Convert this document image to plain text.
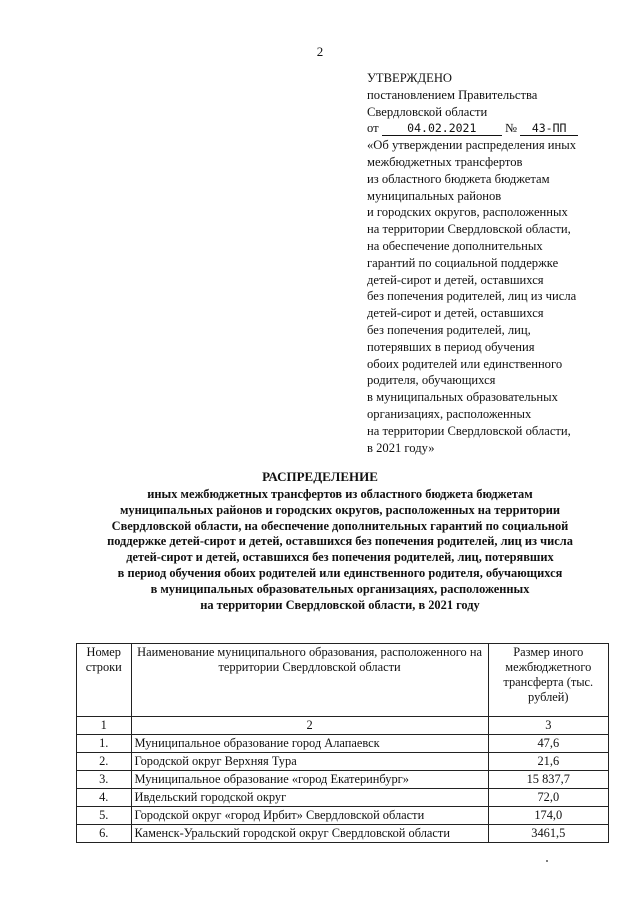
2
УТВЕРЖДЕНО
постановлением Правительства
Свердловской области
от 04.02.2021 № 43-ПП
«Об утверждении распределения иных
межбюджетных трансфертов
из областного бюджета бюджетам
муниципальных районов
и городских округов, расположенных
на территории Свердловской области,
на обеспечение дополнительных
гарантий по социальной поддержке
детей-сирот и детей, оставшихся
без попечения родителей, лиц из числа
детей-сирот и детей, оставшихся
без попечения родителей, лиц,
потерявших в период обучения
обоих родителей или единственного
родителя, обучающихся
в муниципальных образовательных
организациях, расположенных
на территории Свердловской области,
в 2021 году»
РАСПРЕДЕЛЕНИЕ
иных межбюджетных трансфертов из областного бюджета бюджетам
муниципальных районов и городских округов, расположенных на территории
Свердловской области, на обеспечение дополнительных гарантий по социальной
поддержке детей-сирот и детей, оставшихся без попечения родителей, лиц из числа
детей-сирот и детей, оставшихся без попечения родителей, лиц, потерявших
в период обучения обоих родителей или единственного родителя, обучающихся
в муниципальных образовательных организациях, расположенных
на территории Свердловской области, в 2021 году
Номер строки	Наименование муниципального образования, расположенного на территории Свердловской области	Размер иного межбюджетного трансферта (тыс. рублей)
1	2	3
1.	Муниципальное образование город Алапаевск	47,6
2.	Городской округ Верхняя Тура	21,6
3.	Муниципальное образование «город Екатеринбург»	15 837,7
4.	Ивдельский городской округ	72,0
5.	Городской округ «город Ирбит» Свердловской области	174,0
6.	Каменск-Уральский городской округ Свердловской области	3461,5
